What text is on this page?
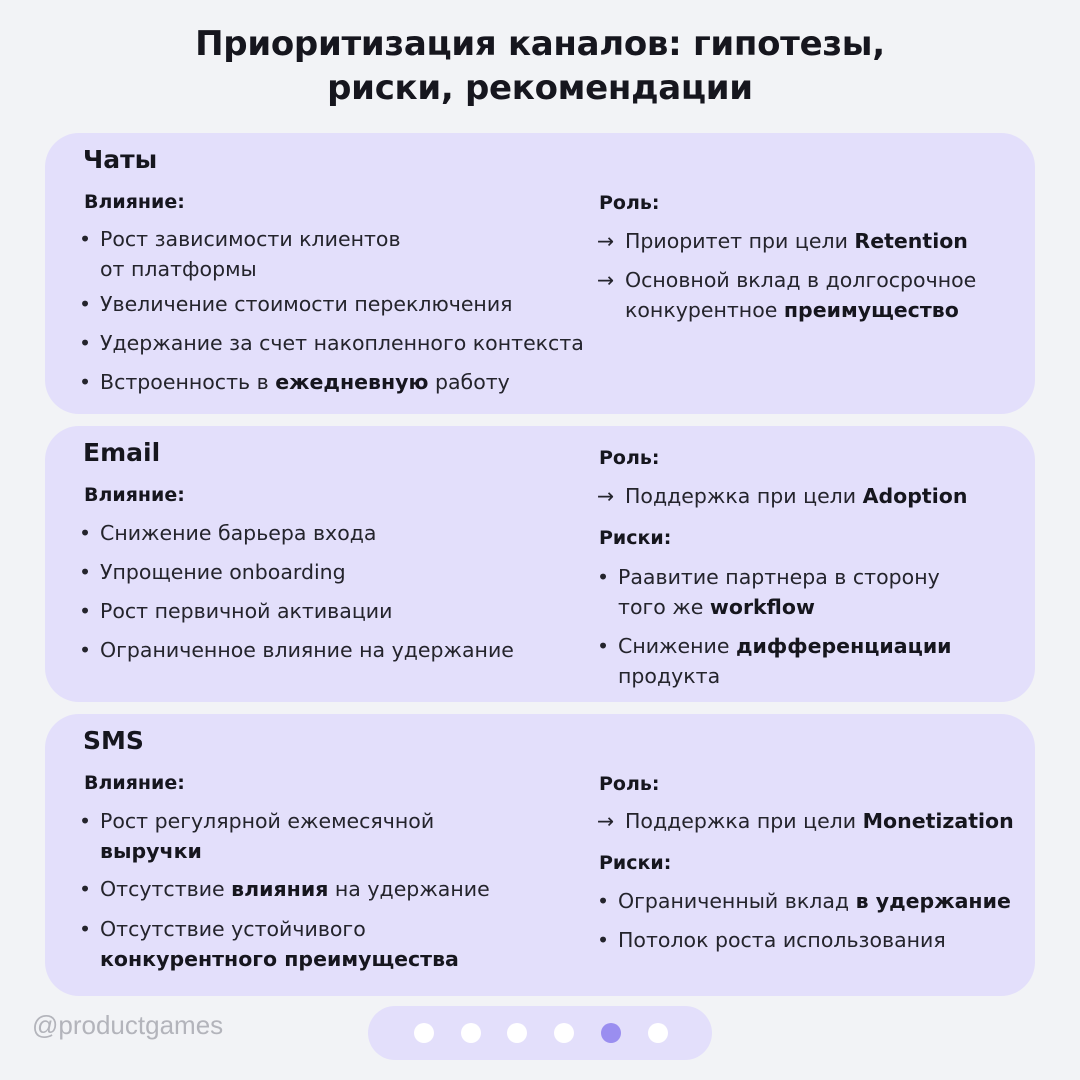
Приоритизация каналов: гипотезы,
риски, рекомендации
Чаты
Влияние:	Роль:
• Рост зависимости клиентов
от платформы
• Увеличение стоимости переключения
• Удержание за счет накопленного контекста
• Встроенность в ежедневную работу
→ Приоритет при цели Retention
→ Основной вклад в долгосрочное
конкурентное преимущество
Email
Влияние:
Роль:
Риски:
• Снижение барьера входа
• Упрощение onboarding
• Рост первичной активации
• Ограниченное влияние на удержание
→ Поддержка при цели Adoption
• Раавитие партнера в сторону
того же workflow
• Снижение дифференциации
продукта
SMS
Влияние:	Роль:
Риски:
• Рост регулярной ежемесячной
выручки
• Отсутствие влияния на удержание
• Отсутствие устойчивого
конкурентного преимущества
→ Поддержка при цели Monetization
• Ограниченный вклад в удержание
• Потолок роста использования
@productgames
